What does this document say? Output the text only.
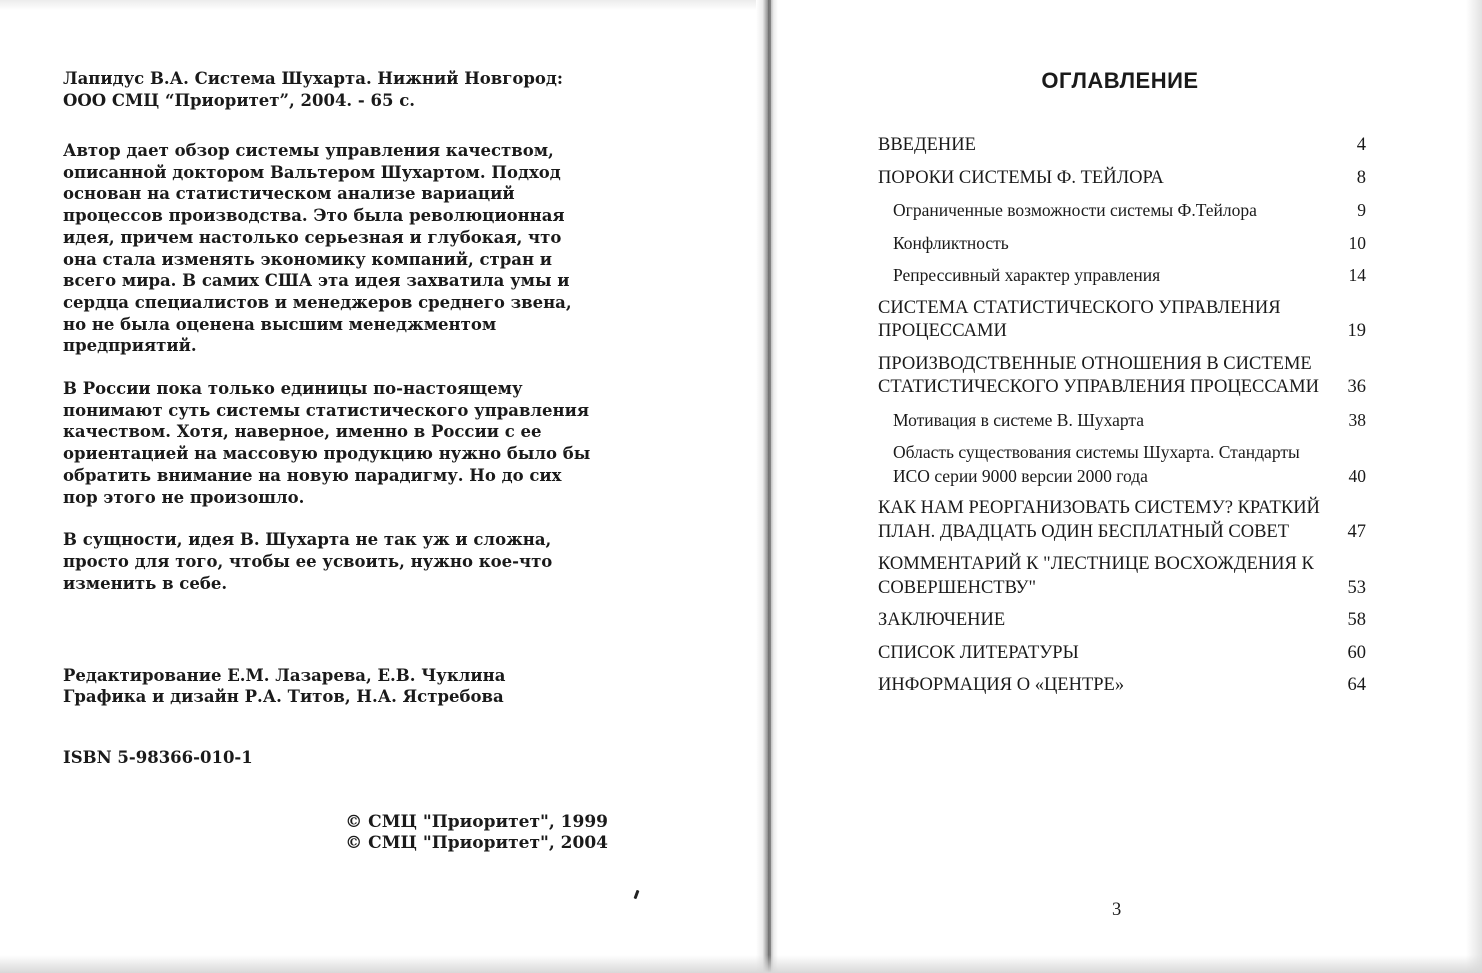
Лапидус В.А. Система Шухарта. Нижний Новгород: ООО СМЦ “Приоритет”, 2004. - 65 с.

Автор дает обзор системы управления качеством, описанной доктором Вальтером Шухартом. Подход основан на статистическом анализе вариаций процессов производства. Это была революционная идея, причем настолько серьезная и глубокая, что она стала изменять экономику компаний, стран и всего мира. В самих США эта идея захватила умы и сердца специалистов и менеджеров среднего звена, но не была оценена высшим менеджментом предприятий.

В России пока только единицы по-настоящему понимают суть системы статистического управления качеством. Хотя, наверное, именно в России с ее ориентацией на массовую продукцию нужно было бы обратить внимание на новую парадигму. Но до сих пор этого не произошло.

В сущности, идея В. Шухарта не так уж и сложна, просто для того, чтобы ее усвоить, нужно кое-что изменить в себе.

Редактирование Е.М. Лазарева, Е.В. Чуклина
Графика и дизайн Р.А. Титов, Н.А. Ястребова
ISBN 5-98366-010-1
© СМЦ "Приоритет", 1999
© СМЦ "Приоритет", 2004
ОГЛАВЛЕНИЕ
ВВЕДЕНИЕ	4
ПОРОКИ СИСТЕМЫ Ф. ТЕЙЛОРА	8
Ограниченные возможности системы Ф.Тейлора	9
Конфликтность	10
Репрессивный характер управления	14
СИСТЕМА СТАТИСТИЧЕСКОГО УПРАВЛЕНИЯ ПРОЦЕССАМИ	19
ПРОИЗВОДСТВЕННЫЕ ОТНОШЕНИЯ В СИСТЕМЕ СТАТИСТИЧЕСКОГО УПРАВЛЕНИЯ ПРОЦЕССАМИ	36
Мотивация в системе В. Шухарта	38
Область существования системы Шухарта. Стандарты ИСО серии 9000 версии 2000 года	40
КАК НАМ РЕОРГАНИЗОВАТЬ СИСТЕМУ? КРАТКИЙ ПЛАН. ДВАДЦАТЬ ОДИН БЕСПЛАТНЫЙ СОВЕТ	47
КОММЕНТАРИЙ К "ЛЕСТНИЦЕ ВОСХОЖДЕНИЯ К СОВЕРШЕНСТВУ"	53
ЗАКЛЮЧЕНИЕ	58
СПИСОК ЛИТЕРАТУРЫ	60
ИНФОРМАЦИЯ О «ЦЕНТРЕ»	64
3
